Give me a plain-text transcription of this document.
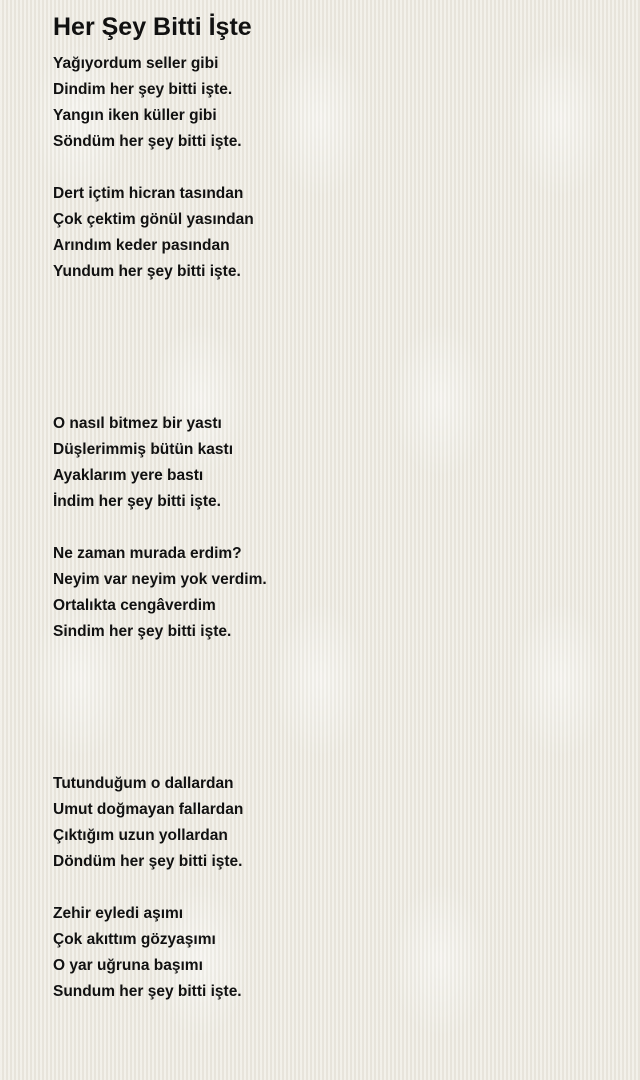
Her Şey Bitti İşte
Yağıyordum seller gibi
Dindim her şey bitti işte.
Yangın iken küller gibi
Söndüm her şey bitti işte.
Dert içtim hicran tasından
Çok çektim gönül yasından
Arındım keder pasından
Yundum her şey bitti işte.
O nasıl bitmez bir yastı
Düşlerimmiş bütün kastı
Ayaklarım yere bastı
İndim her şey bitti işte.
Ne zaman murada erdim?
Neyim var neyim yok verdim.
Ortalıkta cengâverdim
Sindim her şey bitti işte.
Tutunduğum o dallardan
Umut doğmayan fallardan
Çıktığım uzun yollardan
Döndüm her şey bitti işte.
Zehir eyledi aşımı
Çok akıttım gözyaşımı
O yar uğruna başımı
Sundum her şey bitti işte.
